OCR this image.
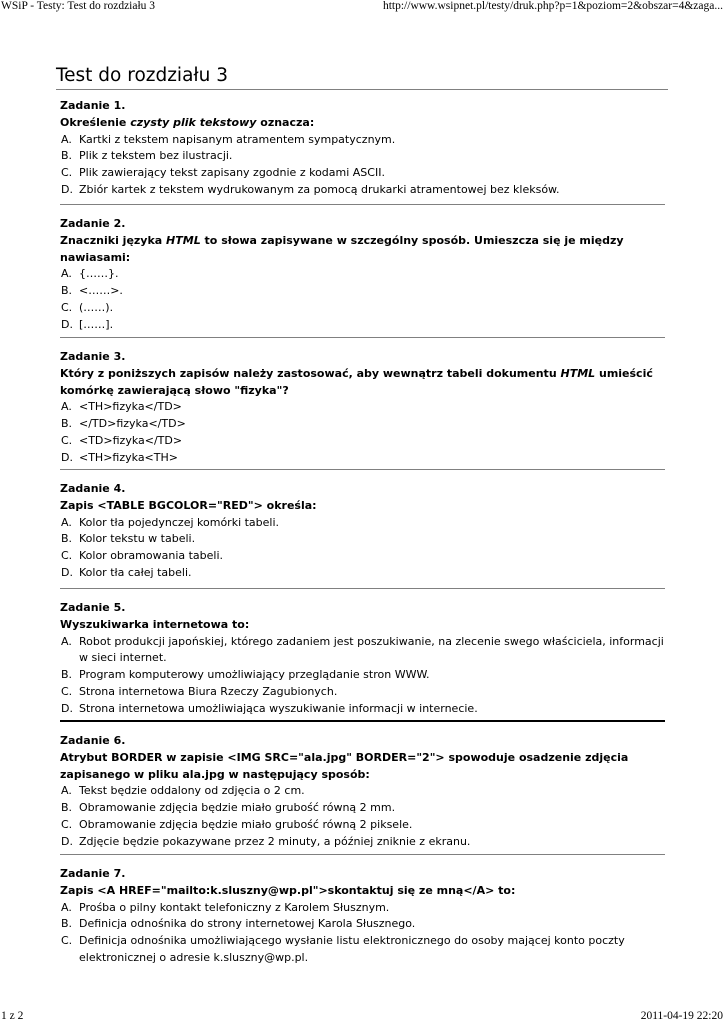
WSiP - Testy: Test do rozdziału 3	http://www.wsipnet.pl/testy/druk.php?p=1&poziom=2&obszar=4&zaga...
Test do rozdziału 3
Zadanie 1.
Określenie czysty plik tekstowy oznacza:
A. Kartki z tekstem napisanym atramentem sympatycznym.
B. Plik z tekstem bez ilustracji.
C. Plik zawierający tekst zapisany zgodnie z kodami ASCII.
D. Zbiór kartek z tekstem wydrukowanym za pomocą drukarki atramentowej bez kleksów.
Zadanie 2.
Znaczniki języka HTML to słowa zapisywane w szczególny sposób. Umieszcza się je między nawiasami:
A. {……}.
B. <……>.
C. (……).
D. [……].
Zadanie 3.
Który z poniższych zapisów należy zastosować, aby wewnątrz tabeli dokumentu HTML umieścić komórkę zawierającą słowo "fizyka"?
A. <TH>fizyka</TD>
B. </TD>fizyka</TD>
C. <TD>fizyka</TD>
D. <TH>fizyka<TH>
Zadanie 4.
Zapis <TABLE BGCOLOR="RED"> określa:
A. Kolor tła pojedynczej komórki tabeli.
B. Kolor tekstu w tabeli.
C. Kolor obramowania tabeli.
D. Kolor tła całej tabeli.
Zadanie 5.
Wyszukiwarka internetowa to:
A. Robot produkcji japońskiej, którego zadaniem jest poszukiwanie, na zlecenie swego właściciela, informacji w sieci internet.
B. Program komputerowy umożliwiający przeglądanie stron WWW.
C. Strona internetowa Biura Rzeczy Zagubionych.
D. Strona internetowa umożliwiająca wyszukiwanie informacji w internecie.
Zadanie 6.
Atrybut BORDER w zapisie <IMG SRC="ala.jpg" BORDER="2"> spowoduje osadzenie zdjęcia zapisanego w pliku ala.jpg w następujący sposób:
A. Tekst będzie oddalony od zdjęcia o 2 cm.
B. Obramowanie zdjęcia będzie miało grubość równą 2 mm.
C. Obramowanie zdjęcia będzie miało grubość równą 2 piksele.
D. Zdjęcie będzie pokazywane przez 2 minuty, a później zniknie z ekranu.
Zadanie 7.
Zapis <A HREF="mailto:k.sluszny@wp.pl">skontaktuj się ze mną</A> to:
A. Prośba o pilny kontakt telefoniczny z Karolem Słusznym.
B. Definicja odnośnika do strony internetowej Karola Słusznego.
C. Definicja odnośnika umożliwiającego wysłanie listu elektronicznego do osoby mającej konto poczty elektronicznej o adresie k.sluszny@wp.pl.
1 z 2	2011-04-19 22:20
